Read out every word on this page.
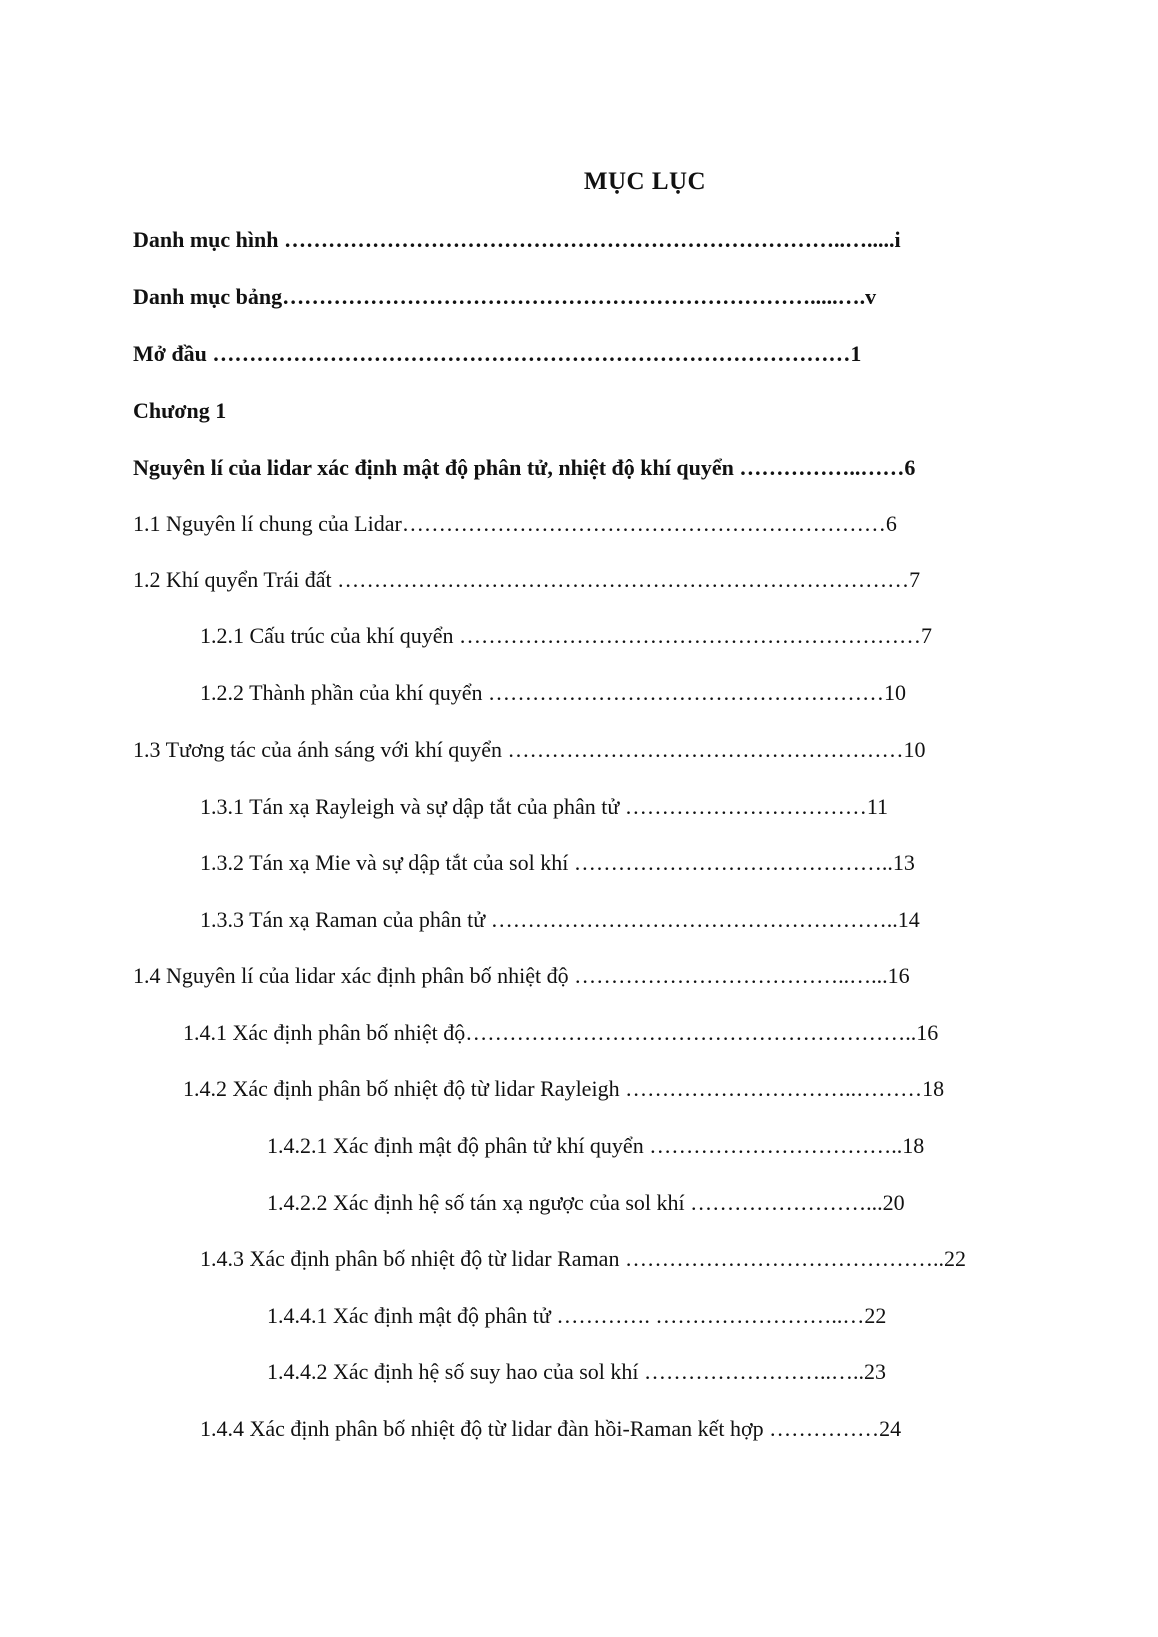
MỤC LỤC
Danh mục hình …………………………………………………………………..….....i
Danh mục bảng……………………………………………………………….....….v
Mở đầu ……………………………………………………………………………1
Chương 1
Nguyên lí của lidar xác định mật độ phân tử, nhiệt độ khí quyển ……………..……6
1.1 Nguyên lí chung của Lidar…………………………………………………………6
1.2 Khí quyển Trái đất ……………………………………………………………………7
1.2.1 Cấu trúc của khí quyển ………………………………………………………7
1.2.2 Thành phần của khí quyển ………………………………………………10
1.3 Tương tác của ánh sáng với khí quyển ………………………………………………10
1.3.1 Tán xạ Rayleigh và sự dập tắt của phân tử ……………………………11
1.3.2 Tán xạ Mie và sự dập tắt của sol khí ……………………………………..13
1.3.3 Tán xạ Raman của phân tử ………………………………………………..14
1.4 Nguyên lí của lidar xác định phân bố nhiệt độ ………………………………..…...16
1.4.1 Xác định phân bố nhiệt độ……………………………………………………..16
1.4.2 Xác định phân bố nhiệt độ từ lidar Rayleigh …………………………..………18
1.4.2.1 Xác định mật độ phân tử khí quyển ……………………………..18
1.4.2.2 Xác định hệ số tán xạ ngược của sol khí ……………………...20
1.4.3 Xác định phân bố nhiệt độ từ lidar Raman ……………………………………..22
1.4.4.1 Xác định mật độ phân tử …………. ……………………..…22
1.4.4.2 Xác định hệ số suy hao của sol khí ……………………..…..23
1.4.4 Xác định phân bố nhiệt độ từ lidar đàn hồi-Raman kết hợp ……………24
